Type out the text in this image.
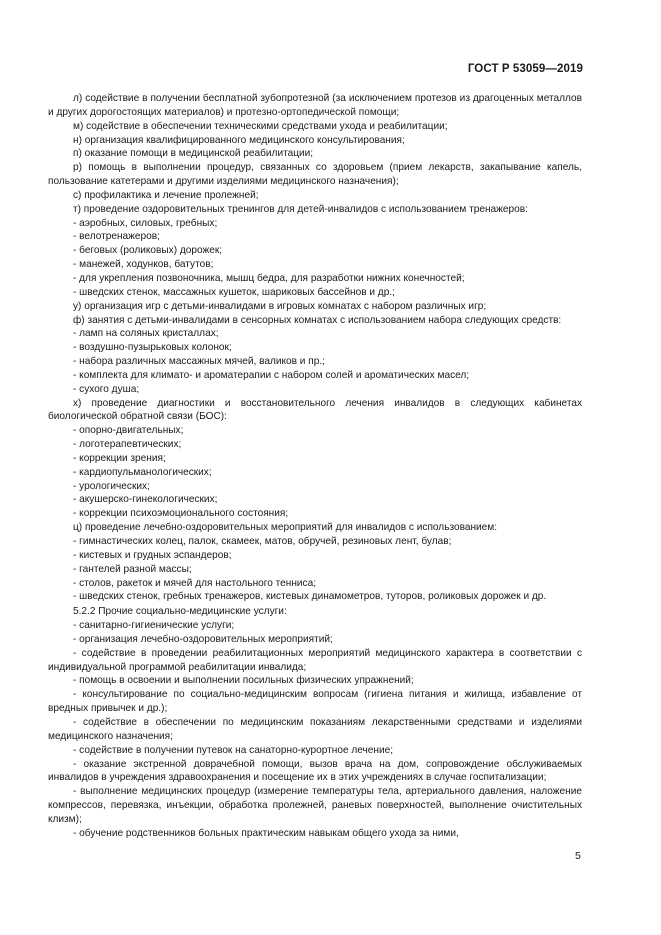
ГОСТ Р 53059—2019

л) содействие в получении бесплатной зубопротезной (за исключением протезов из драгоценных металлов и других дорогостоящих материалов) и протезно-ортопедической помощи;

м) содействие в обеспечении техническими средствами ухода и реабилитации;

н) организация квалифицированного медицинского консультирования;

п) оказание помощи в медицинской реабилитации;

р) помощь в выполнении процедур, связанных со здоровьем (прием лекарств, закапывание капель, пользование катетерами и другими изделиями медицинского назначения);

с) профилактика и лечение пролежней;

т) проведение оздоровительных тренингов для детей-инвалидов с использованием тренажеров:

- аэробных, силовых, гребных;

- велотренажеров;

- беговых (роликовых) дорожек;

- манежей, ходунков, батутов;

- для укрепления позвоночника, мышц бедра, для разработки нижних конечностей;

- шведских стенок, массажных кушеток, шариковых бассейнов и др.;

у) организация игр с детьми-инвалидами в игровых комнатах с набором различных игр;

ф) занятия с детьми-инвалидами в сенсорных комнатах с использованием набора следующих средств:

- ламп на соляных кристаллах;

- воздушно-пузырьковых колонок;

- набора различных массажных мячей, валиков и пр.;

- комплекта для климато- и ароматерапии с набором солей и ароматических масел;

- сухого душа;

х) проведение диагностики и восстановительного лечения инвалидов в следующих кабинетах биологической обратной связи (БОС):

- опорно-двигательных;

- логотерапевтических;

- коррекции зрения;

- кардиопульманологических;

- урологических;

- акушерско-гинекологических;

- коррекции психоэмоционального состояния;

ц) проведение лечебно-оздоровительных мероприятий для инвалидов с использованием:

- гимнастических колец, палок, скамеек, матов, обручей, резиновых лент, булав;

- кистевых и грудных эспандеров;

- гантелей разной массы;

- столов, ракеток и мячей для настольного тенниса;

- шведских стенок, гребных тренажеров, кистевых динамометров, туторов, роликовых дорожек и др.

5.2.2 Прочие социально-медицинские услуги:

- санитарно-гигиенические услуги;

- организация лечебно-оздоровительных мероприятий;

- содействие в проведении реабилитационных мероприятий медицинского характера в соответствии с индивидуальной программой реабилитации инвалида;

- помощь в освоении и выполнении посильных физических упражнений;

- консультирование по социально-медицинским вопросам (гигиена питания и жилища, избавление от вредных привычек и др.);

- содействие в обеспечении по медицинским показаниям лекарственными средствами и изделиями медицинского назначения;

- содействие в получении путевок на санаторно-курортное лечение;

- оказание экстренной доврачебной помощи, вызов врача на дом, сопровождение обслуживаемых инвалидов в учреждения здравоохранения и посещение их в этих учреждениях в случае госпитализации;

- выполнение медицинских процедур (измерение температуры тела, артериального давления, наложение компрессов, перевязка, инъекции, обработка пролежней, раневых поверхностей, выполнение очистительных клизм);

- обучение родственников больных практическим навыкам общего ухода за ними,

5
